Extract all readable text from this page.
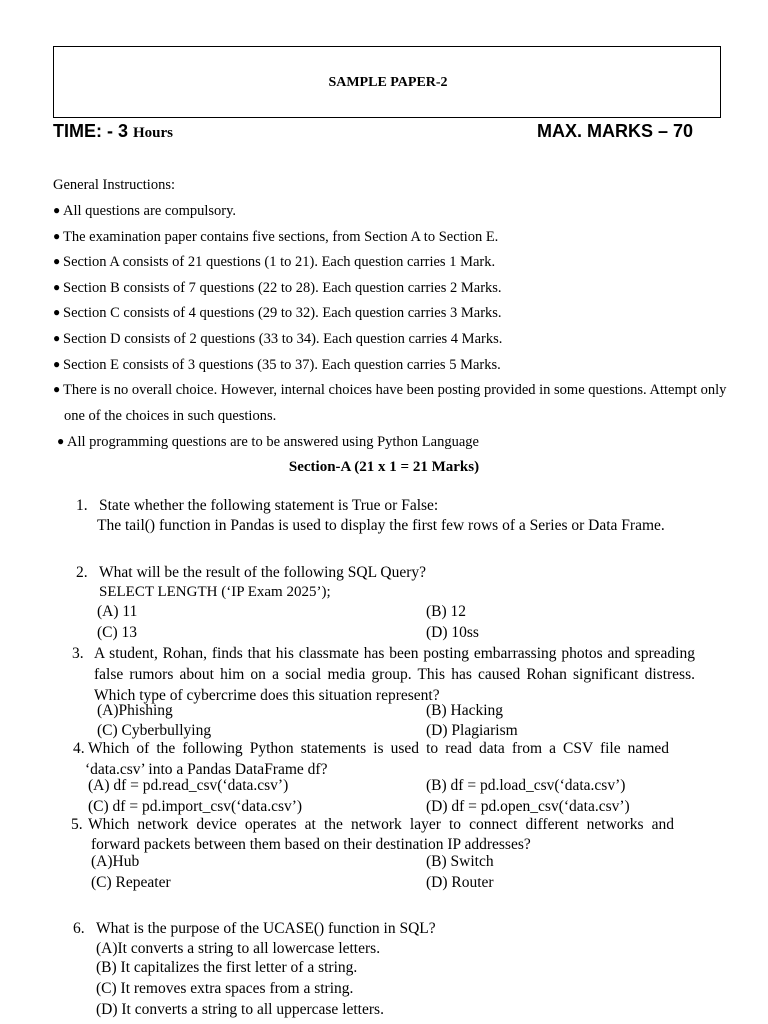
SAMPLE PAPER-2
TIME: - 3 Hours	MAX. MARKS – 70
General Instructions:
● All questions are compulsory.
● The examination paper contains five sections, from Section A to Section E.
● Section A consists of 21 questions (1 to 21). Each question carries 1 Mark.
● Section B consists of 7 questions (22 to 28). Each question carries 2 Marks.
● Section C consists of 4 questions (29 to 32). Each question carries 3 Marks.
● Section D consists of 2 questions (33 to 34). Each question carries 4 Marks.
● Section E consists of 3 questions (35 to 37). Each question carries 5 Marks.
● There is no overall choice. However, internal choices have been posting provided in some questions. Attempt only
one of the choices in such questions.
● All programming questions are to be answered using Python Language
Section-A (21 x 1 = 21 Marks)
1. State whether the following statement is True or False:
The tail() function in Pandas is used to display the first few rows of a Series or Data Frame.
2. What will be the result of the following SQL Query?
SELECT LENGTH (‘IP Exam 2025’);
(A) 11	(B) 12
(C) 13	(D) 10ss
3. A student, Rohan, finds that his classmate has been posting embarrassing photos and spreading
false rumors about him on a social media group. This has caused Rohan significant distress.
Which type of cybercrime does this situation represent?
(A)Phishing	(B) Hacking
(C) Cyberbullying	(D) Plagiarism
4. Which of the following Python statements is used to read data from a CSV file named
‘data.csv’ into a Pandas DataFrame df?
(A) df = pd.read_csv(‘data.csv’)	(B) df = pd.load_csv(‘data.csv’)
(C) df = pd.import_csv(‘data.csv’)	(D) df = pd.open_csv(‘data.csv’)
5. Which network device operates at the network layer to connect different networks and
forward packets between them based on their destination IP addresses?
(A)Hub	(B) Switch
(C) Repeater	(D) Router
6. What is the purpose of the UCASE() function in SQL?
(A)It converts a string to all lowercase letters.
(B) It capitalizes the first letter of a string.
(C) It removes extra spaces from a string.
(D) It converts a string to all uppercase letters.
